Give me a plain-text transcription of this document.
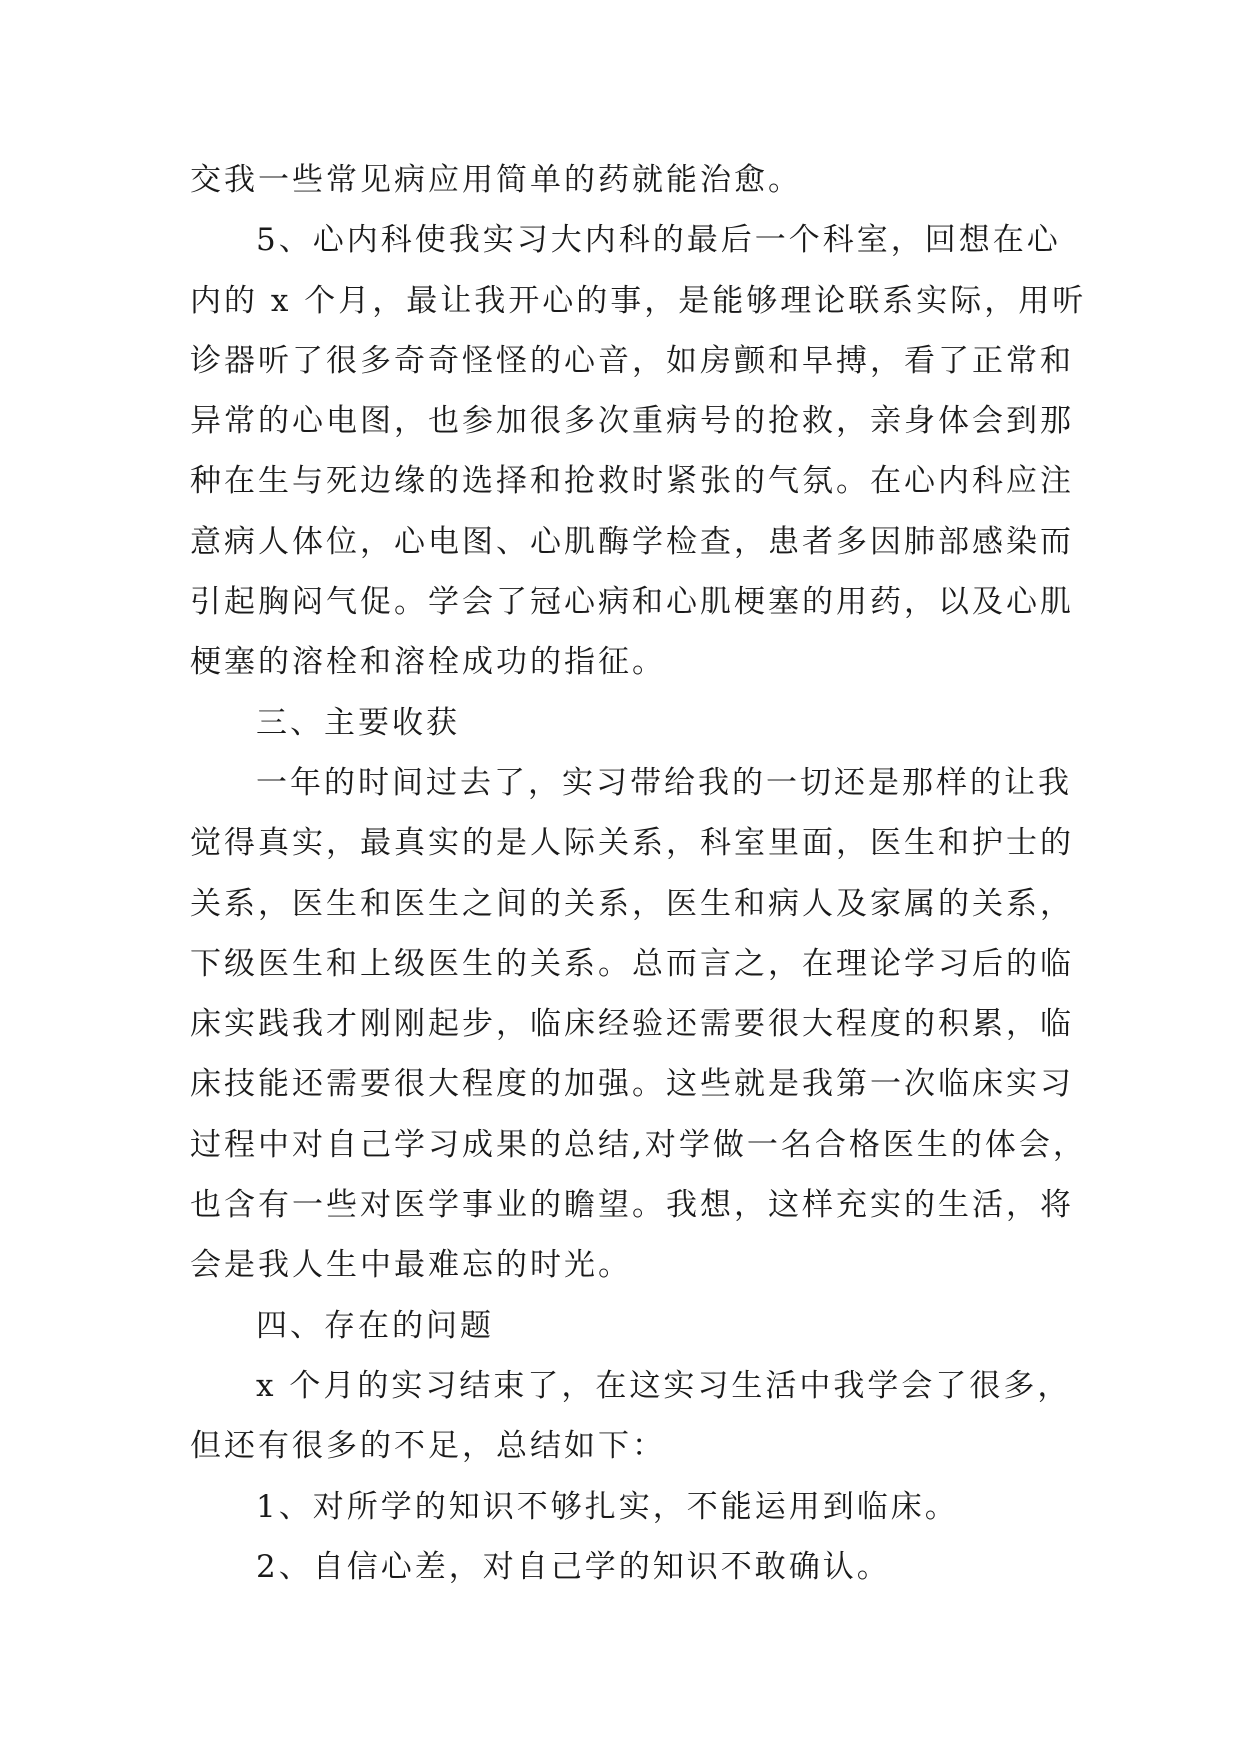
交我一些常见病应用简单的药就能治愈。
5、心内科使我实习大内科的最后一个科室，回想在心
内的 x 个月，最让我开心的事，是能够理论联系实际，用听
诊器听了很多奇奇怪怪的心音，如房颤和早搏，看了正常和
异常的心电图，也参加很多次重病号的抢救，亲身体会到那
种在生与死边缘的选择和抢救时紧张的气氛。在心内科应注
意病人体位，心电图、心肌酶学检查，患者多因肺部感染而
引起胸闷气促。学会了冠心病和心肌梗塞的用药，以及心肌
梗塞的溶栓和溶栓成功的指征。
三、主要收获
一年的时间过去了，实习带给我的一切还是那样的让我
觉得真实，最真实的是人际关系，科室里面，医生和护士的
关系，医生和医生之间的关系，医生和病人及家属的关系，
下级医生和上级医生的关系。总而言之，在理论学习后的临
床实践我才刚刚起步，临床经验还需要很大程度的积累，临
床技能还需要很大程度的加强。这些就是我第一次临床实习
过程中对自己学习成果的总结,对学做一名合格医生的体会，
也含有一些对医学事业的瞻望。我想，这样充实的生活，将
会是我人生中最难忘的时光。
四、存在的问题
x 个月的实习结束了，在这实习生活中我学会了很多，
但还有很多的不足，总结如下：
1、对所学的知识不够扎实，不能运用到临床。
2、自信心差，对自己学的知识不敢确认。
